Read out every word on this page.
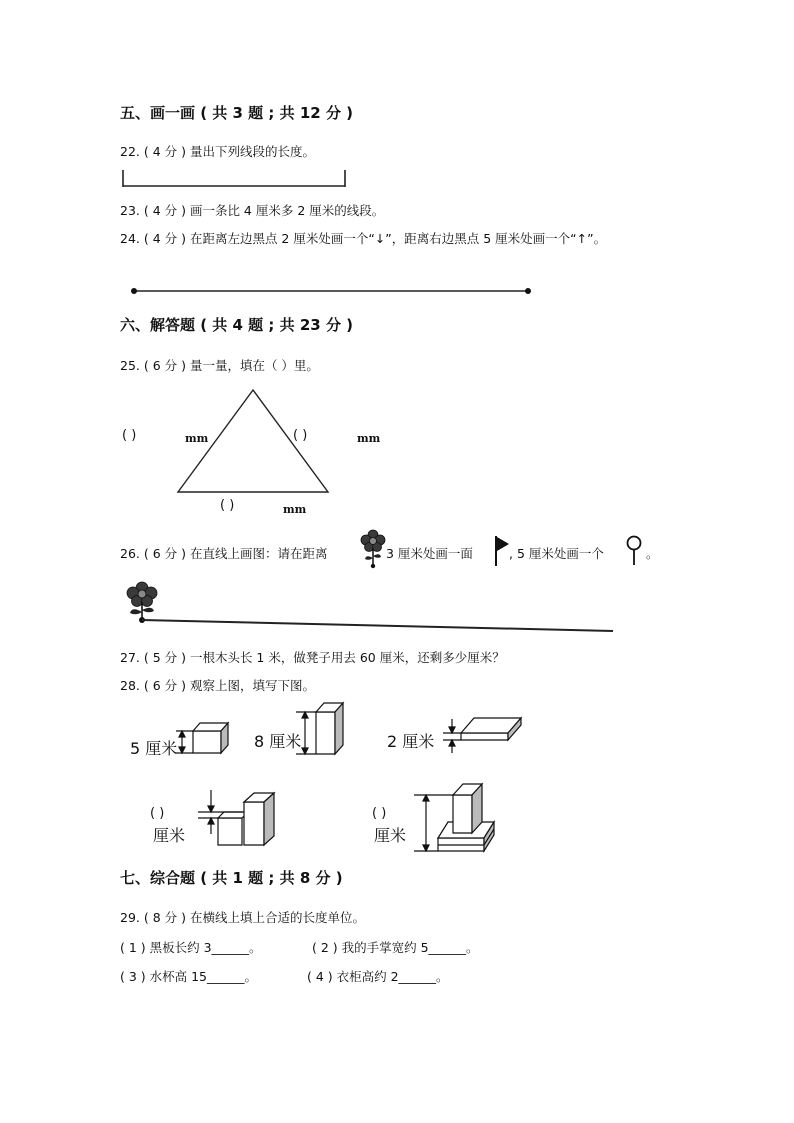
五、画一画 ( 共 3 题 ; 共 12 分 )
22. ( 4 分 ) 量出下列线段的长度。
23. ( 4 分 ) 画一条比 4 厘米多 2 厘米的线段。
24. ( 4 分 ) 在距离左边黑点 2 厘米处画一个“↓”，距离右边黑点 5 厘米处画一个“↑”。
六、解答题 ( 共 4 题 ; 共 23 分 )
25. ( 6 分 ) 量一量，填在（ ）里。
( )	mm	( )	mm
( )	mm
26. ( 6 分 ) 在直线上画图：请在距离	3 厘米处画一面	, 5 厘米处画一个	。
27. ( 5 分 ) 一根木头长 1 米，做凳子用去 60 厘米，还剩多少厘米？
28. ( 6 分 ) 观察上图，填写下图。
5 厘米	8 厘米	2 厘米
( )
厘米
( )
厘米
七、综合题 ( 共 1 题 ; 共 8 分 )
29. ( 8 分 ) 在横线上填上合适的长度单位。
( 1 ) 黑板长约 3______。	( 2 ) 我的手掌宽约 5______。
( 3 ) 水杯高 15______。	( 4 ) 衣柜高约 2______。
